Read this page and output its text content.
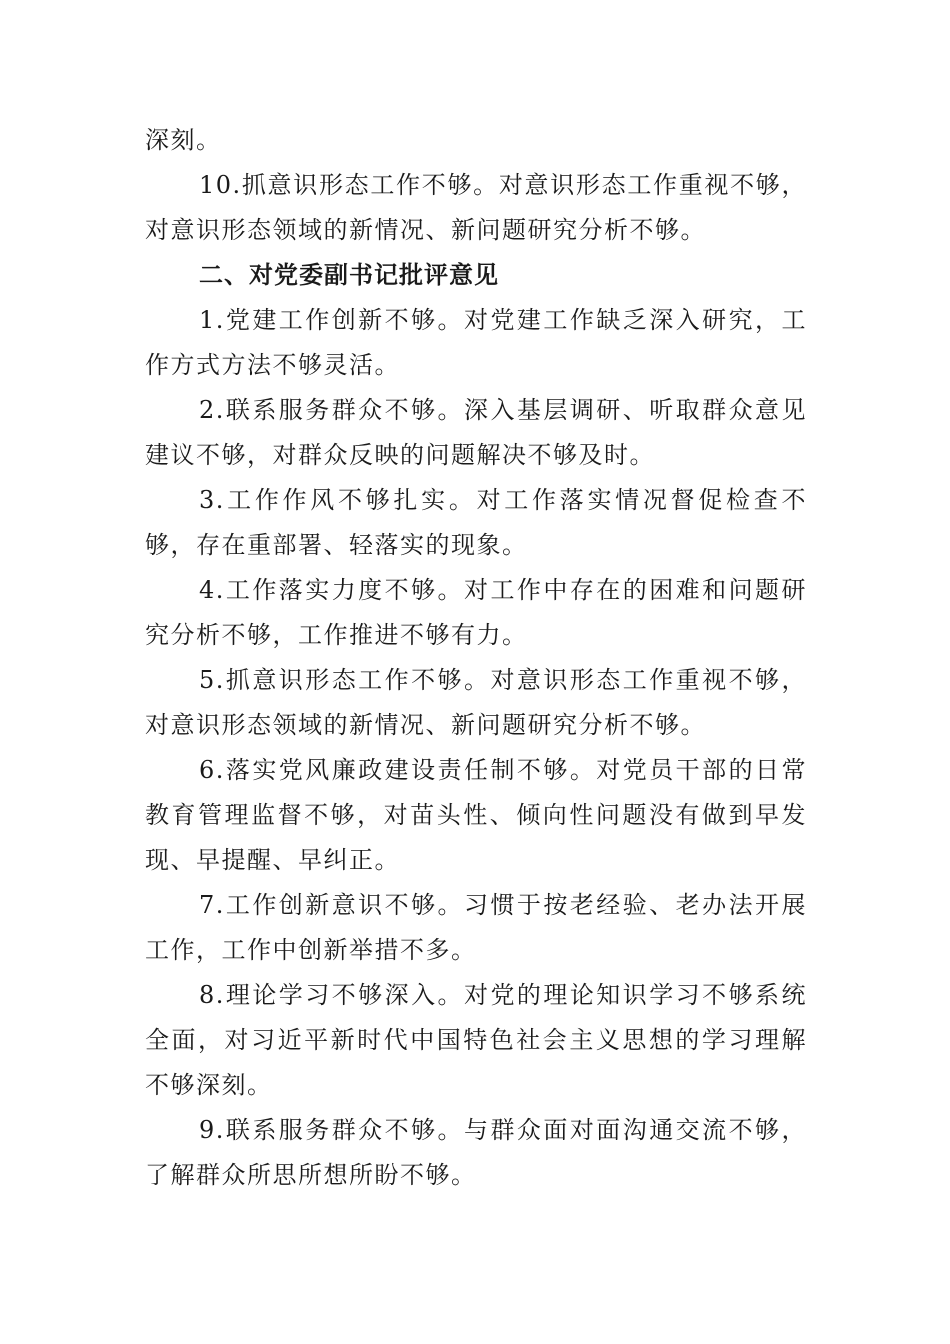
深刻。

10.抓意识形态工作不够。对意识形态工作重视不够，对意识形态领域的新情况、新问题研究分析不够。

二、对党委副书记批评意见

1.党建工作创新不够。对党建工作缺乏深入研究，工作方式方法不够灵活。

2.联系服务群众不够。深入基层调研、听取群众意见建议不够，对群众反映的问题解决不够及时。

3.工作作风不够扎实。对工作落实情况督促检查不够，存在重部署、轻落实的现象。

4.工作落实力度不够。对工作中存在的困难和问题研究分析不够，工作推进不够有力。

5.抓意识形态工作不够。对意识形态工作重视不够，对意识形态领域的新情况、新问题研究分析不够。

6.落实党风廉政建设责任制不够。对党员干部的日常教育管理监督不够，对苗头性、倾向性问题没有做到早发现、早提醒、早纠正。

7.工作创新意识不够。习惯于按老经验、老办法开展工作，工作中创新举措不多。

8.理论学习不够深入。对党的理论知识学习不够系统全面，对习近平新时代中国特色社会主义思想的学习理解不够深刻。

9.联系服务群众不够。与群众面对面沟通交流不够，了解群众所思所想所盼不够。
